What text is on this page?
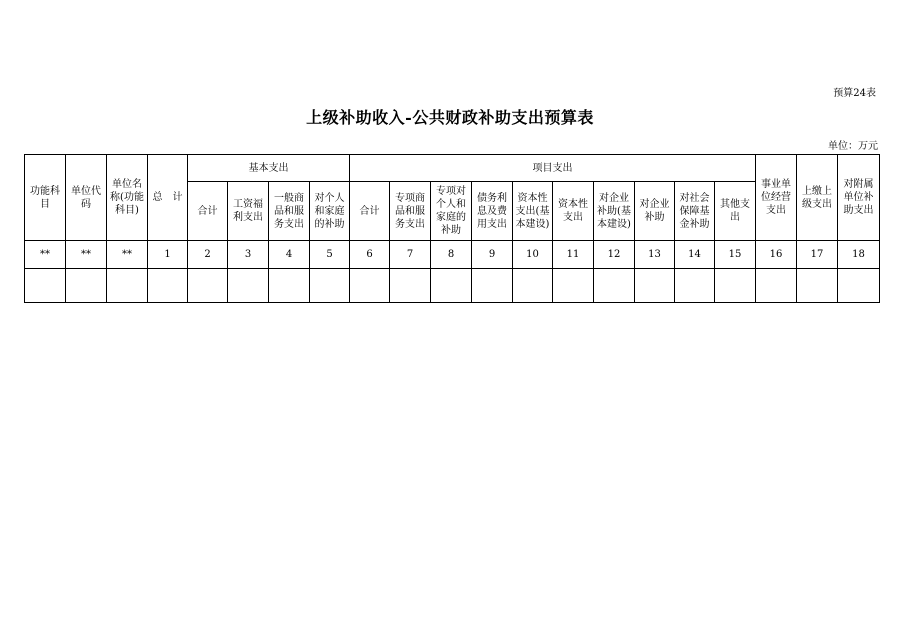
预算24表
上级补助收入-公共财政补助支出预算表
单位：万元
功能科目	单位代码	单位名称(功能科目)	总　计	基本支出				项目支出										事业单位经营支出	上缴上级支出	对附属单位补助支出
				合计	工资福利支出	一般商品和服务支出	对个人和家庭的补助	合计	专项商品和服务支出	专项对个人和家庭的补助	债务利息及费用支出	资本性支出(基本建设)	资本性支出	对企业补助(基本建设)	对企业补助	对社会保障基金补助	其他支出			
**	**	**	1	2	3	4	5	6	7	8	9	10	11	12	13	14	15	16	17	18
